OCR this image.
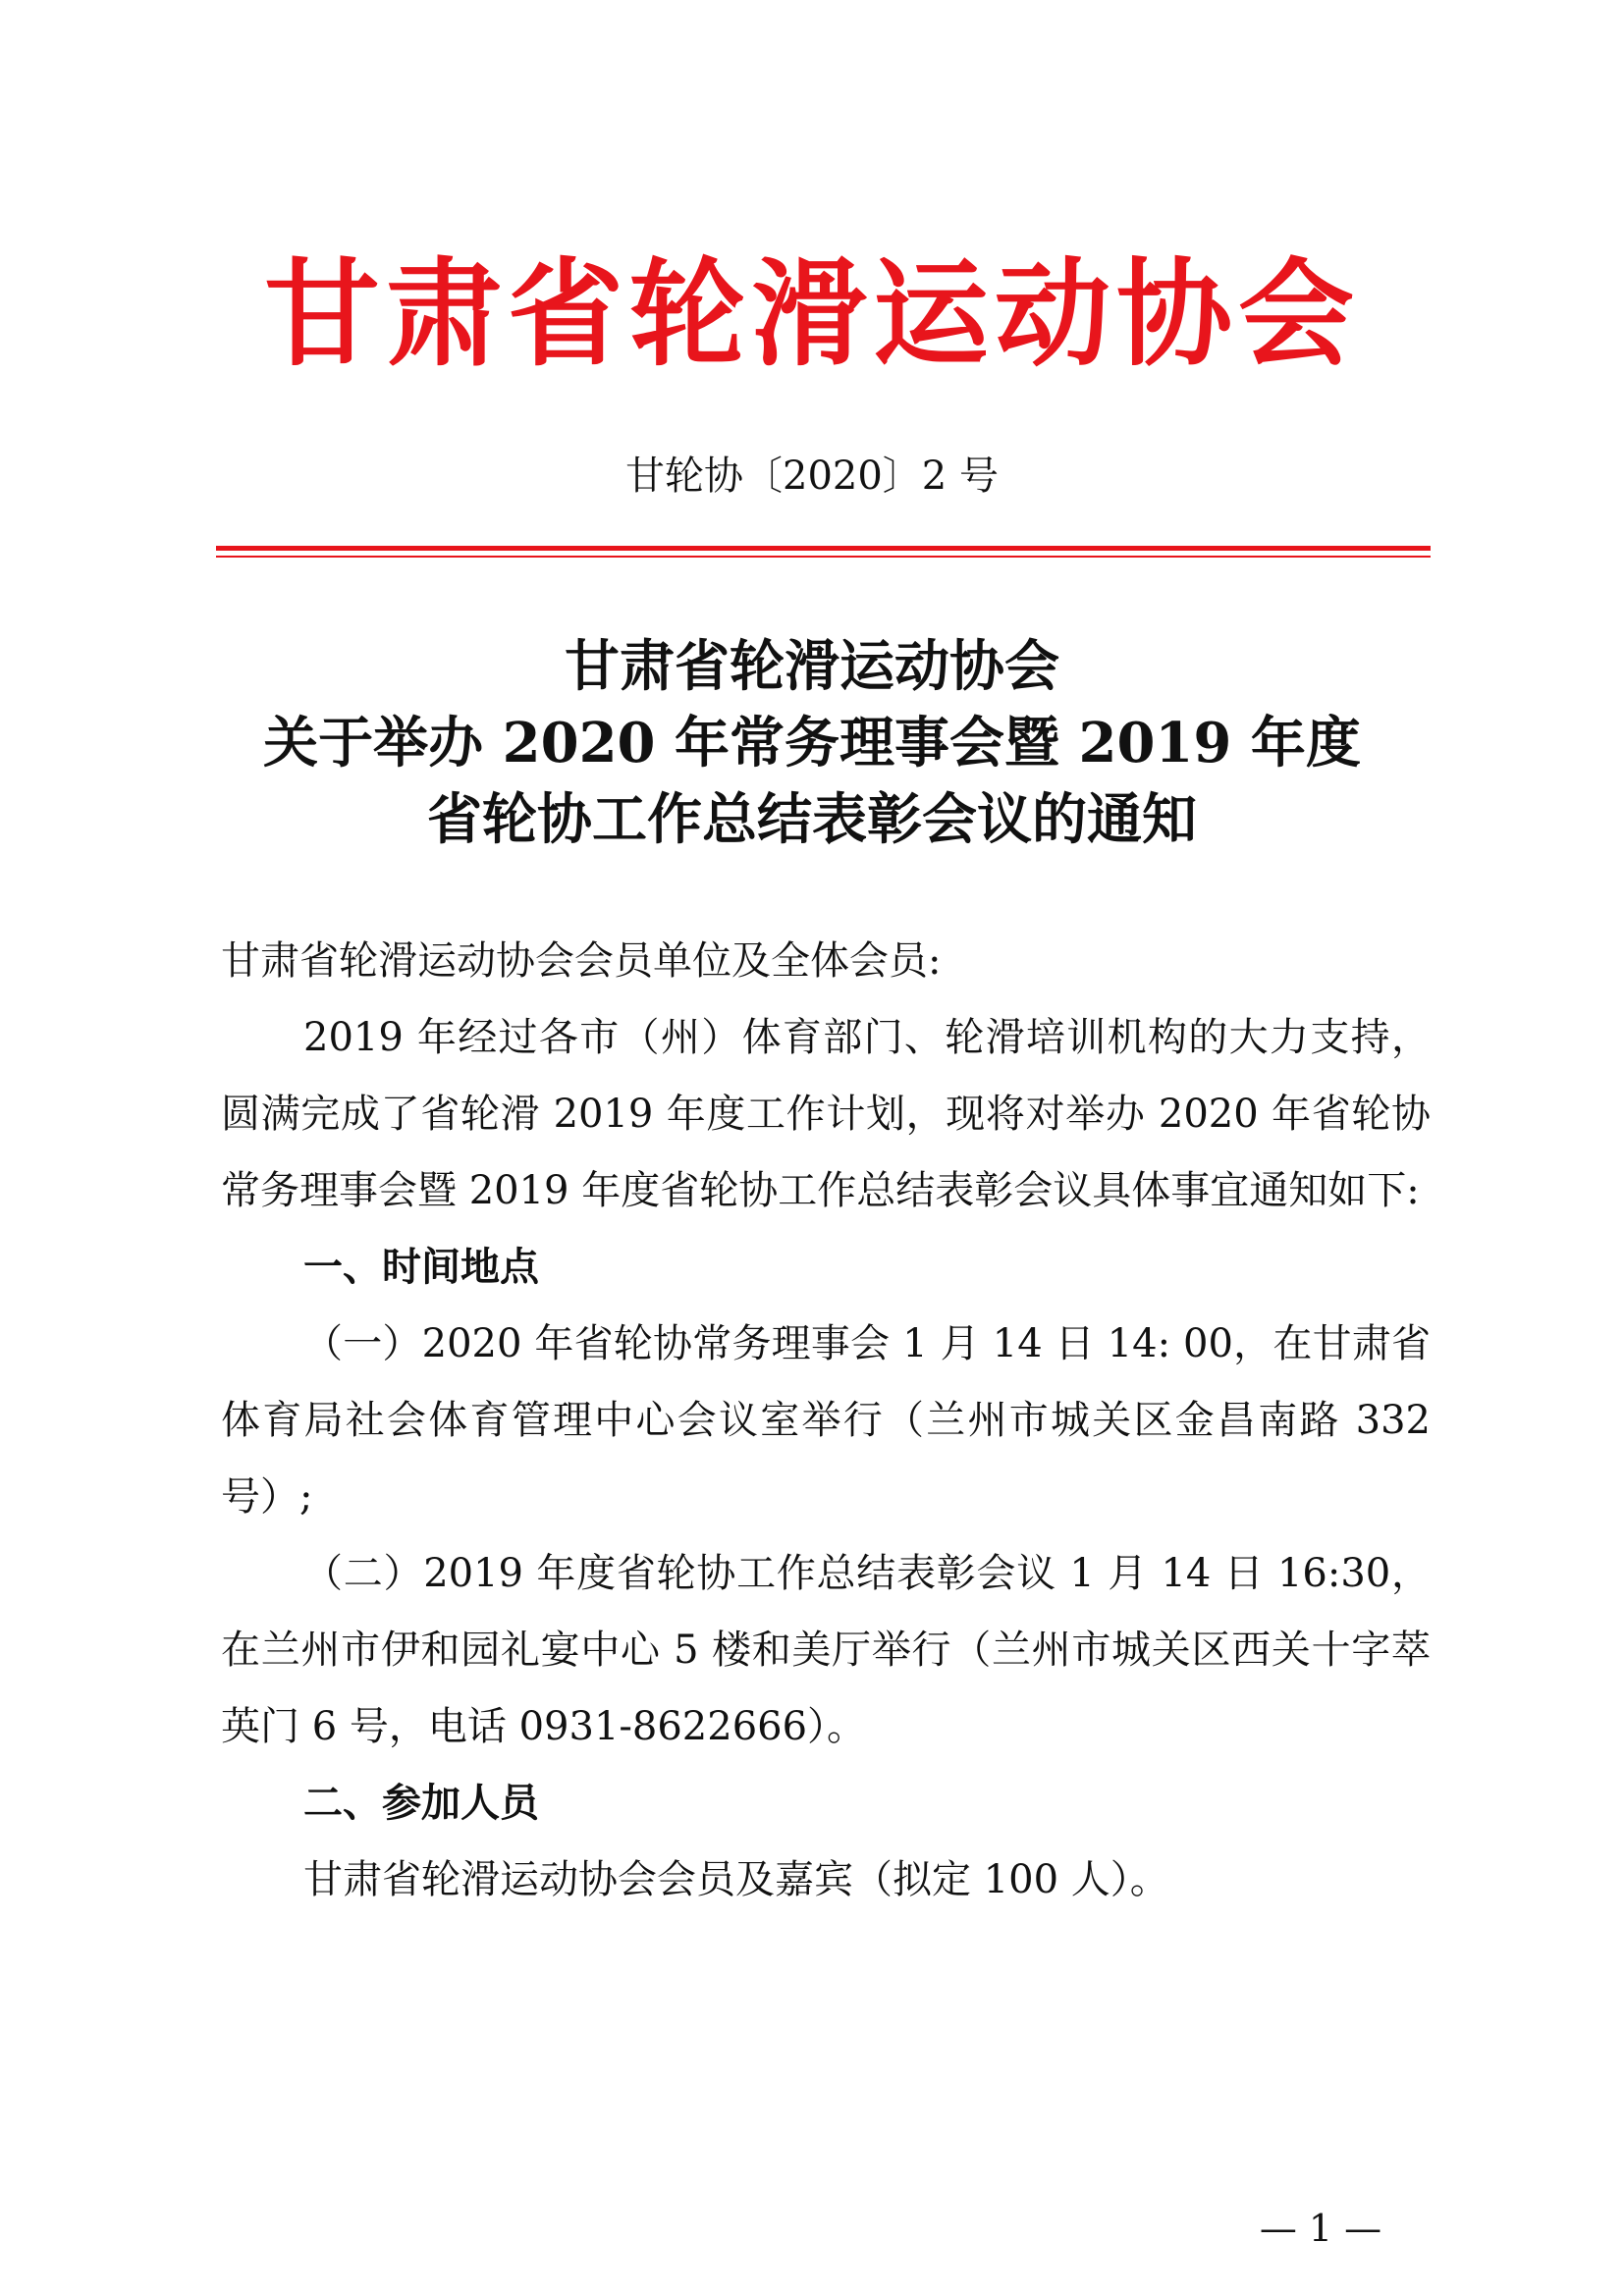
甘肃省轮滑运动协会
甘轮协〔2020〕2 号
甘肃省轮滑运动协会
关于举办 2020 年常务理事会暨 2019 年度
省轮协工作总结表彰会议的通知

甘肃省轮滑运动协会会员单位及全体会员:

2019 年经过各市（州）体育部门、轮滑培训机构的大力支持，圆满完成了省轮滑 2019 年度工作计划，现将对举办 2020 年省轮协常务理事会暨 2019 年度省轮协工作总结表彰会议具体事宜通知如下:

一、时间地点

（一）2020 年省轮协常务理事会 1 月 14 日 14: 00，在甘肃省体育局社会体育管理中心会议室举行（兰州市城关区金昌南路 332 号）;

（二）2019 年度省轮协工作总结表彰会议 1 月 14 日 16:30，在兰州市伊和园礼宴中心 5 楼和美厅举行（兰州市城关区西关十字萃英门 6 号，电话 0931-8622666）。

二、参加人员

甘肃省轮滑运动协会会员及嘉宾（拟定 100 人）。

— 1 —
